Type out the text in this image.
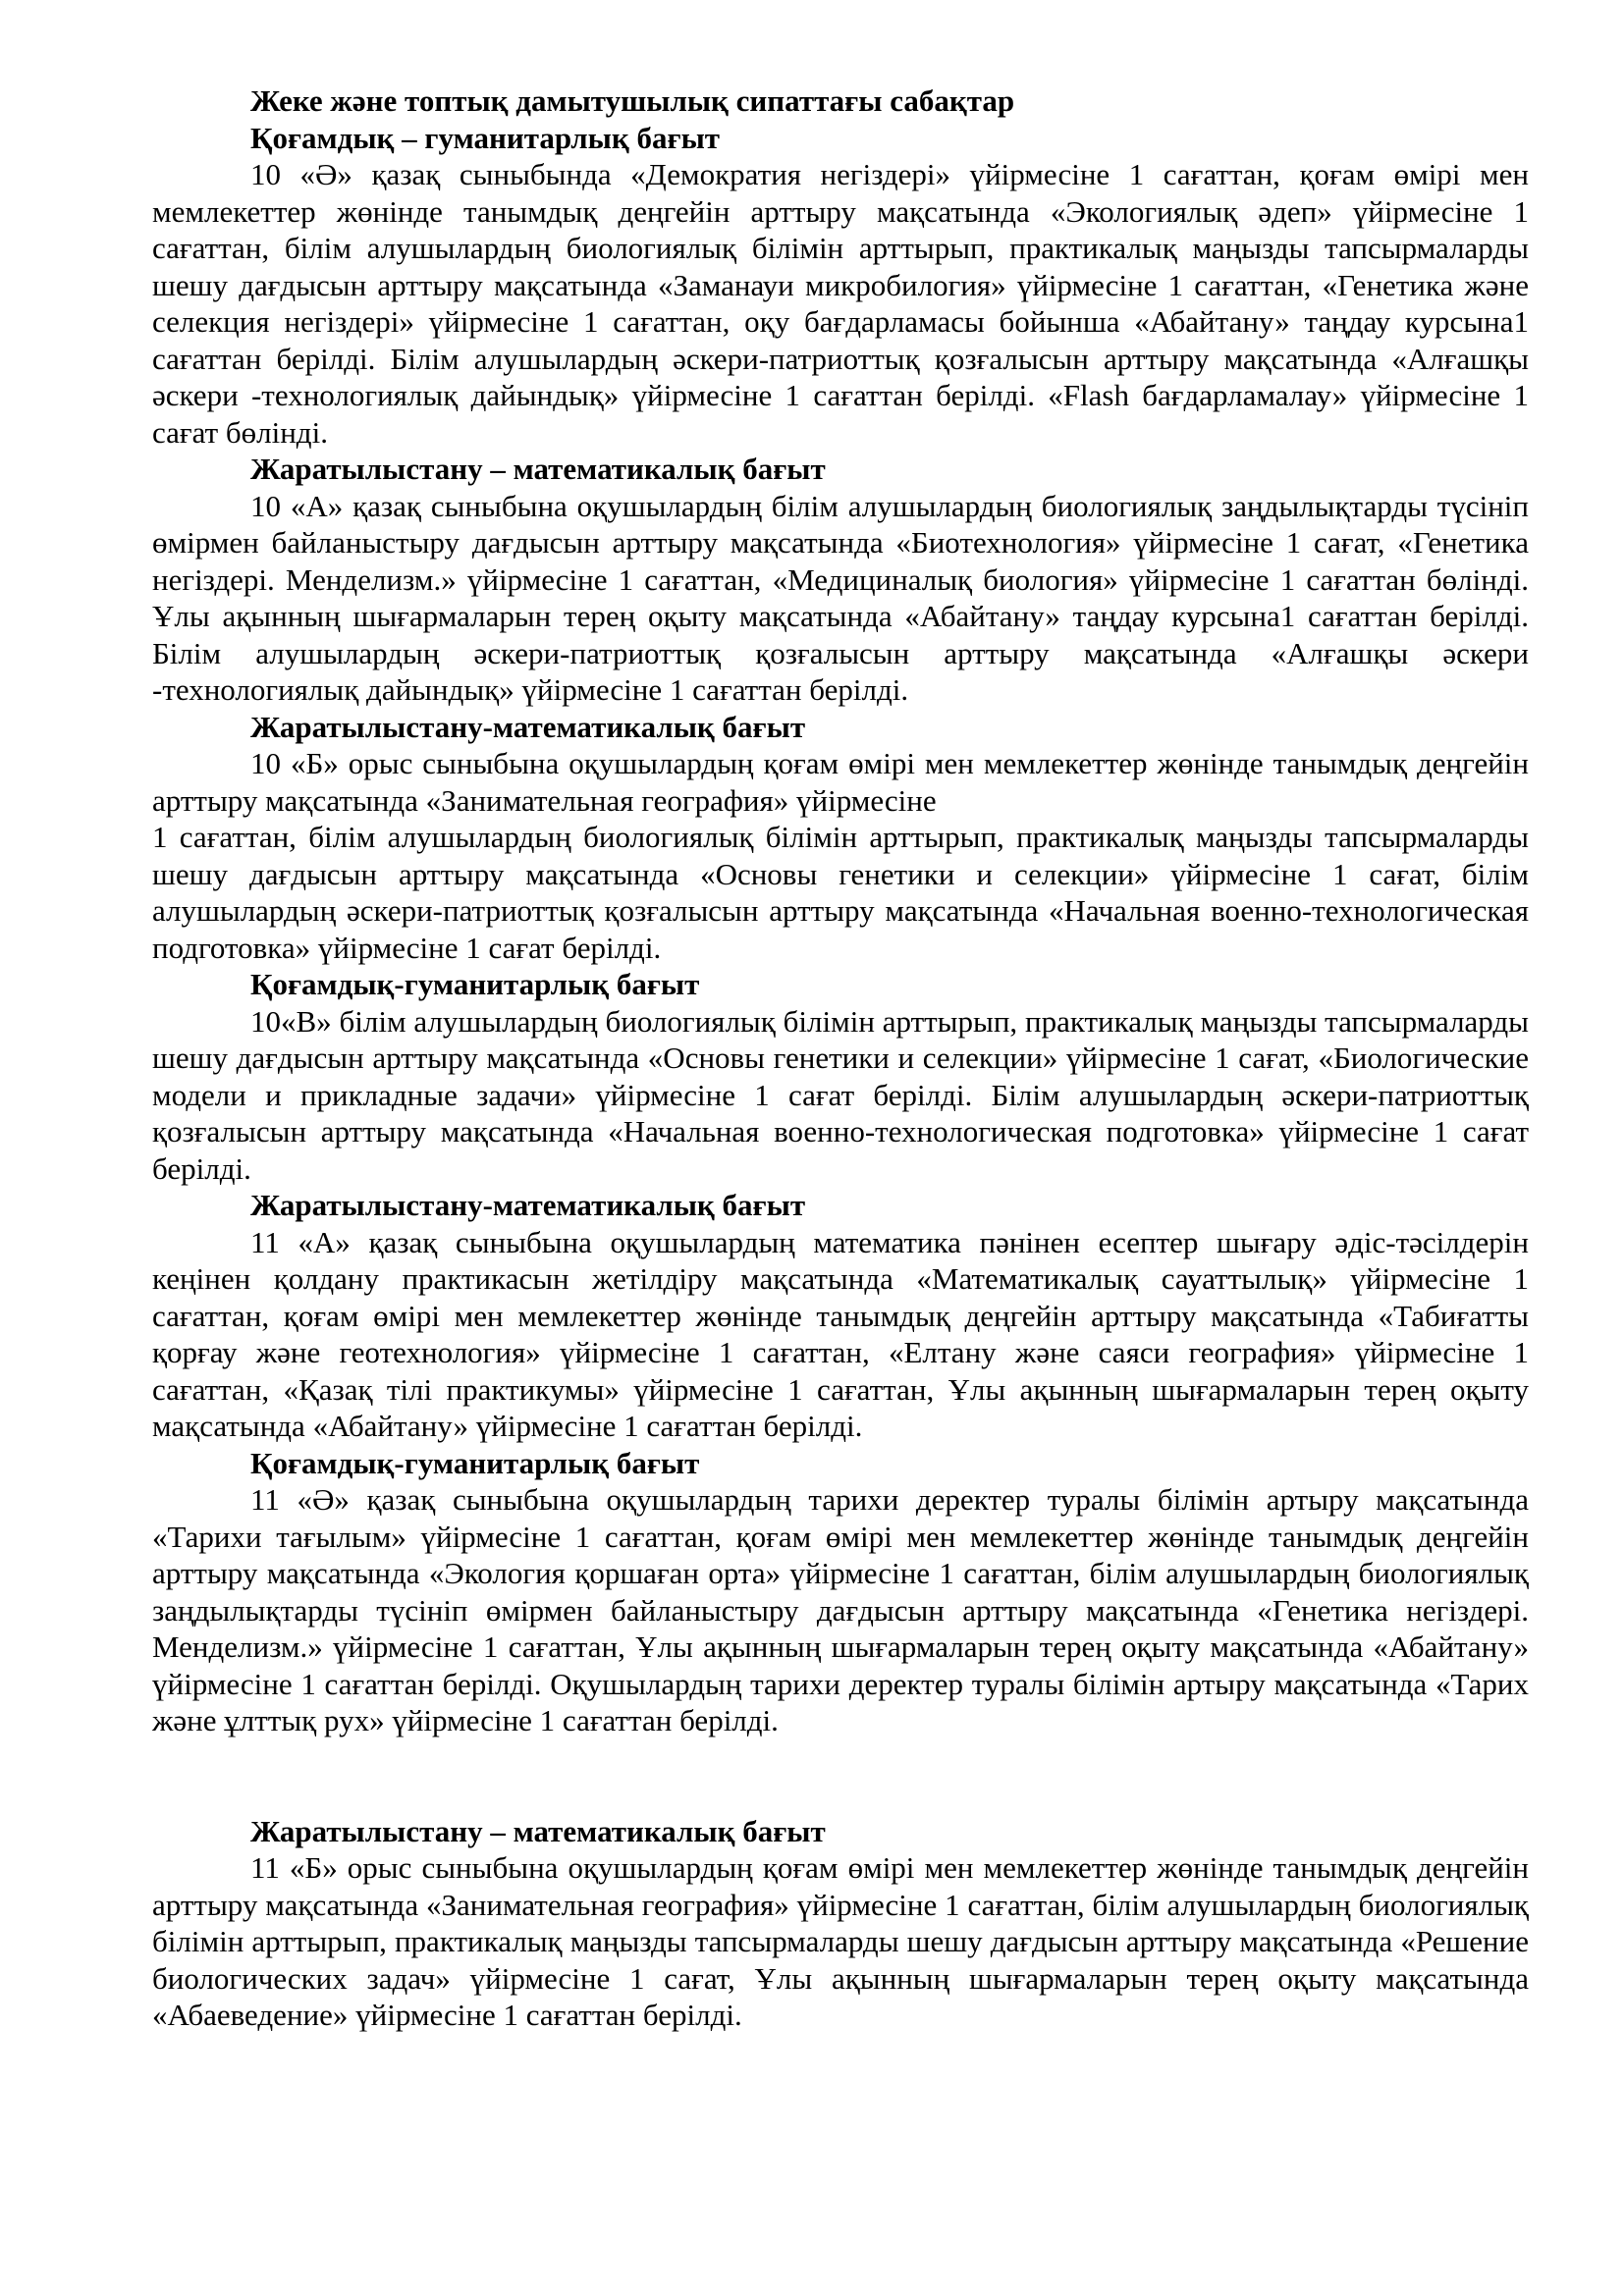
Жеке және топтық дамытушылық сипаттағы сабақтар

Қоғамдық – гуманитарлық бағыт

10 «Ә» қазақ сыныбында «Демократия негіздері» үйірмесіне 1 сағаттан, қоғам өмірі мен мемлекеттер жөнінде танымдық деңгейін арттыру мақсатында «Экологиялық әдеп» үйірмесіне 1 сағаттан, білім алушылардың биологиялық білімін арттырып, практикалық маңызды тапсырмаларды шешу дағдысын арттыру мақсатында «Заманауи микробилогия» үйірмесіне 1 сағаттан, «Генетика және селекция негіздері» үйірмесіне 1 сағаттан, оқу бағдарламасы бойынша «Абайтану» таңдау курсына1 сағаттан берілді. Білім алушылардың әскери-патриоттық қозғалысын арттыру мақсатында «Алғашқы әскери -технологиялық дайындық» үйірмесіне 1 сағаттан берілді. «Flash бағдарламалау» үйірмесіне 1 сағат бөлінді.

Жаратылыстану – математикалық бағыт

10 «А» қазақ сыныбына оқушылардың білім алушылардың биологиялық заңдылықтарды түсініп өмірмен байланыстыру дағдысын арттыру мақсатында «Биотехнология» үйірмесіне 1 сағат, «Генетика негіздері. Менделизм.» үйірмесіне 1 сағаттан, «Медициналық биология» үйірмесіне 1 сағаттан бөлінді. Ұлы ақынның шығармаларын терең оқыту мақсатында «Абайтану» таңдау курсына1 сағаттан берілді. Білім алушылардың әскери-патриоттық қозғалысын арттыру мақсатында «Алғашқы әскери -технологиялық дайындық» үйірмесіне 1 сағаттан берілді.

Жаратылыстану-математикалық бағыт

10 «Б» орыс сыныбына оқушылардың қоғам өмірі мен мемлекеттер жөнінде танымдық деңгейін арттыру мақсатында «Занимательная география» үйірмесіне
1 сағаттан, білім алушылардың биологиялық білімін арттырып, практикалық маңызды тапсырмаларды шешу дағдысын арттыру мақсатында «Основы генетики и селекции» үйірмесіне 1 сағат, білім алушылардың әскери-патриоттық қозғалысын арттыру мақсатында «Начальная военно-технологическая подготовка» үйірмесіне 1 сағат берілді.

Қоғамдық-гуманитарлық бағыт

10«В» білім алушылардың биологиялық білімін арттырып, практикалық маңызды тапсырмаларды шешу дағдысын арттыру мақсатында «Основы генетики и селекции» үйірмесіне 1 сағат, «Биологические модели и прикладные задачи» үйірмесіне 1 сағат берілді. Білім алушылардың әскери-патриоттық қозғалысын арттыру мақсатында «Начальная военно-технологическая подготовка» үйірмесіне 1 сағат берілді.

Жаратылыстану-математикалық бағыт

11 «А» қазақ сыныбына оқушылардың математика пәнінен есептер шығару әдіс-тәсілдерін кеңінен қолдану практикасын жетілдіру мақсатында «Математикалық сауаттылық» үйірмесіне 1 сағаттан, қоғам өмірі мен мемлекеттер жөнінде танымдық деңгейін арттыру мақсатында «Табиғатты қорғау және геотехнология» үйірмесіне 1 сағаттан, «Елтану және саяси география» үйірмесіне 1 сағаттан, «Қазақ тілі практикумы» үйірмесіне 1 сағаттан, Ұлы ақынның шығармаларын терең оқыту мақсатында «Абайтану» үйірмесіне 1 сағаттан берілді.

Қоғамдық-гуманитарлық бағыт

11 «Ә» қазақ сыныбына оқушылардың тарихи деректер туралы білімін артыру мақсатында «Тарихи тағылым» үйірмесіне 1 сағаттан, қоғам өмірі мен мемлекеттер жөнінде танымдық деңгейін арттыру мақсатында «Экология қоршаған орта» үйірмесіне 1 сағаттан, білім алушылардың биологиялық заңдылықтарды түсініп өмірмен байланыстыру дағдысын арттыру мақсатында «Генетика негіздері. Менделизм.» үйірмесіне 1 сағаттан, Ұлы ақынның шығармаларын терең оқыту мақсатында «Абайтану» үйірмесіне 1 сағаттан берілді. Оқушылардың тарихи деректер туралы білімін артыру мақсатында «Тарих және ұлттық рух» үйірмесіне 1 сағаттан берілді.

Жаратылыстану – математикалық бағыт

11 «Б» орыс сыныбына оқушылардың қоғам өмірі мен мемлекеттер жөнінде танымдық деңгейін арттыру мақсатында «Занимательная география» үйірмесіне 1 сағаттан, білім алушылардың биологиялық білімін арттырып, практикалық маңызды тапсырмаларды шешу дағдысын арттыру мақсатында «Решение биологических задач» үйірмесіне 1 сағат, Ұлы ақынның шығармаларын терең оқыту мақсатында «Абаеведение» үйірмесіне 1 сағаттан берілді.
